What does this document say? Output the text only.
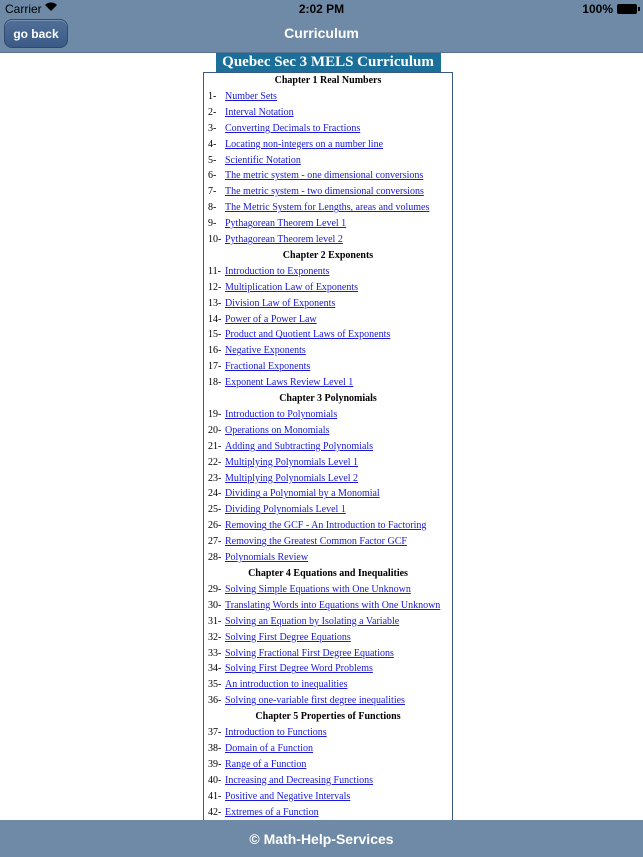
Carrier	2:02 PM	100%
go back	Curriculum
Quebec Sec 3 MELS Curriculum
Chapter 1 Real Numbers
1- Number Sets
2- Interval Notation
3- Converting Decimals to Fractions
4- Locating non-integers on a number line
5- Scientific Notation
6- The metric system - one dimensional conversions
7- The metric system - two dimensional conversions
8- The Metric System for Lengths, areas and volumes
9- Pythagorean Theorem Level 1
10- Pythagorean Theorem level 2
Chapter 2 Exponents
11- Introduction to Exponents
12- Multiplication Law of Exponents
13- Division Law of Exponents
14- Power of a Power Law
15- Product and Quotient Laws of Exponents
16- Negative Exponents
17- Fractional Exponents
18- Exponent Laws Review Level 1
Chapter 3 Polynomials
19- Introduction to Polynomials
20- Operations on Monomials
21- Adding and Subtracting Polynomials
22- Multiplying Polynomials Level 1
23- Multiplying Polynomials Level 2
24- Dividing a Polynomial by a Monomial
25- Dividing Polynomials Level 1
26- Removing the GCF - An Introduction to Factoring
27- Removing the Greatest Common Factor GCF
28- Polynomials Review
Chapter 4 Equations and Inequalities
29- Solving Simple Equations with One Unknown
30- Translating Words into Equations with One Unknown
31- Solving an Equation by Isolating a Variable
32- Solving First Degree Equations
33- Solving Fractional First Degree Equations
34- Solving First Degree Word Problems
35- An introduction to inequalities
36- Solving one-variable first degree inequalities
Chapter 5 Properties of Functions
37- Introduction to Functions
38- Domain of a Function
39- Range of a Function
40- Increasing and Decreasing Functions
41- Positive and Negative Intervals
42- Extremes of a Function
© Math-Help-Services
